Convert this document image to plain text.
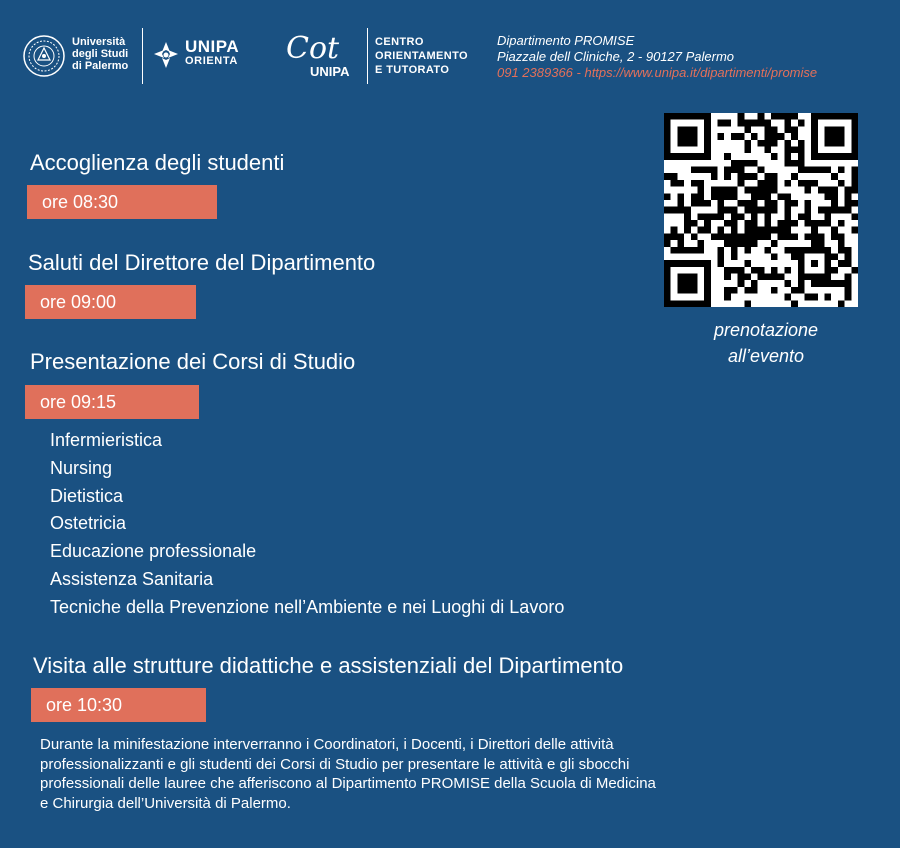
Università
degli Studi
di Palermo
UNIPA
ORIENTA Cot
UNIPA
CENTRO
ORIENTAMENTO
E TUTORATO
Dipartimento PROMISE
Piazzale dell Cliniche, 2 - 90127 Palermo
091 2389366 - https://www.unipa.it/dipartimenti/promise
Accoglienza degli studenti
ore 08:30
Saluti del Direttore del Dipartimento
ore 09:00
Presentazione dei Corsi di Studio
ore 09:15
Infermieristica
Nursing
Dietistica
Ostetricia
Educazione professionale
Assistenza Sanitaria
Tecniche della Prevenzione nell’Ambiente e nei Luoghi di Lavoro
Visita alle strutture didattiche e assistenziali del Dipartimento
ore 10:30
prenotazione
all’evento
Durante la minifestazione interverranno i Coordinatori, i Docenti, i Direttori delle attività
professionalizzanti e gli studenti dei Corsi di Studio per presentare le attività e gli sbocchi
professionali delle lauree che afferiscono al Dipartimento PROMISE della Scuola di Medicina
e Chirurgia dell’Università di Palermo.
